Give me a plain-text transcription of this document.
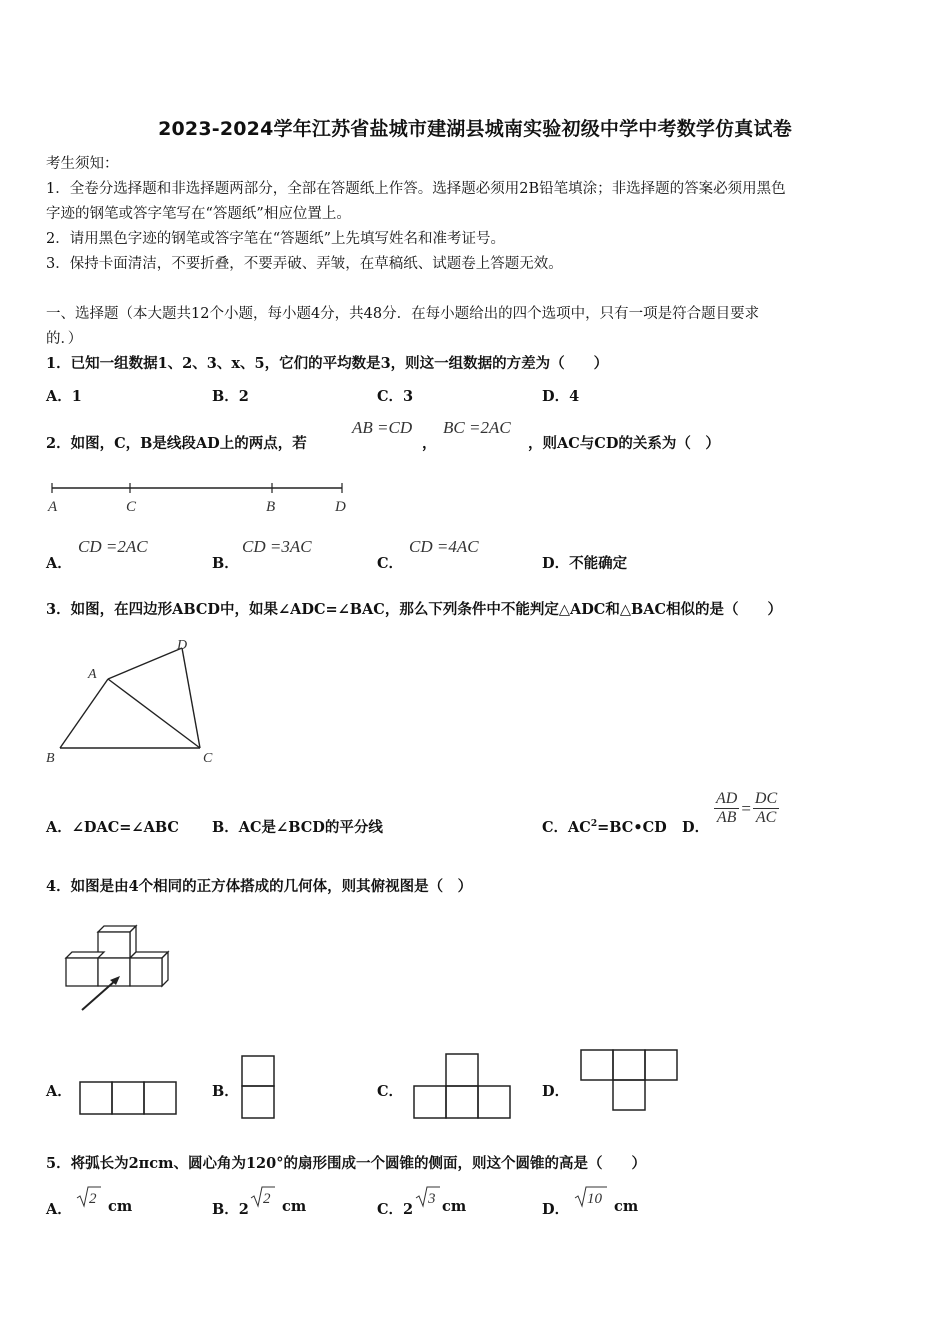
2023-2024学年江苏省盐城市建湖县城南实验初级中学中考数学仿真试卷
考生须知：
1．全卷分选择题和非选择题两部分，全部在答题纸上作答。选择题必须用2B铅笔填涂；非选择题的答案必须用黑色
字迹的钢笔或答字笔写在“答题纸”相应位置上。
2．请用黑色字迹的钢笔或答字笔在“答题纸”上先填写姓名和准考证号。
3．保持卡面清洁，不要折叠，不要弄破、弄皱，在草稿纸、试题卷上答题无效。
一、选择题（本大题共12个小题，每小题4分，共48分．在每小题给出的四个选项中，只有一项是符合题目要求
的．）
1．已知一组数据1、2、3、x、5，它们的平均数是3，则这一组数据的方差为（　　）
A．1	B．2	C．3	D．4
2．如图，C，B是线段AD上的两点，若
AB =CD
，
BC =2AC
，则AC与CD的关系为（　）
A	C	B	D
A．
CD =2AC
B．
CD =3AC
C．
CD =4AC
D．不能确定
3．如图，在四边形ABCD中，如果∠ADC=∠BAC，那么下列条件中不能判定△ADC和△BAC相似的是（　　）
A
B	C
D
A．∠DAC=∠ABC B．AC是∠BCD的平分线	C．$AC^2=BC•CD$ D．
$\frac{AD}{AB} = \frac{DC}{AC}$
4．如图是由4个相同的正方体搭成的几何体，则其俯视图是（　）
A．	B．	C．	D．
5．将弧长为2πcm、圆心角为120°的扇形围成一个圆锥的侧面，则这个圆锥的高是（　　）
A．
2 cm	B．2
2 cm	C．2
3 cm	D．
10 cm
